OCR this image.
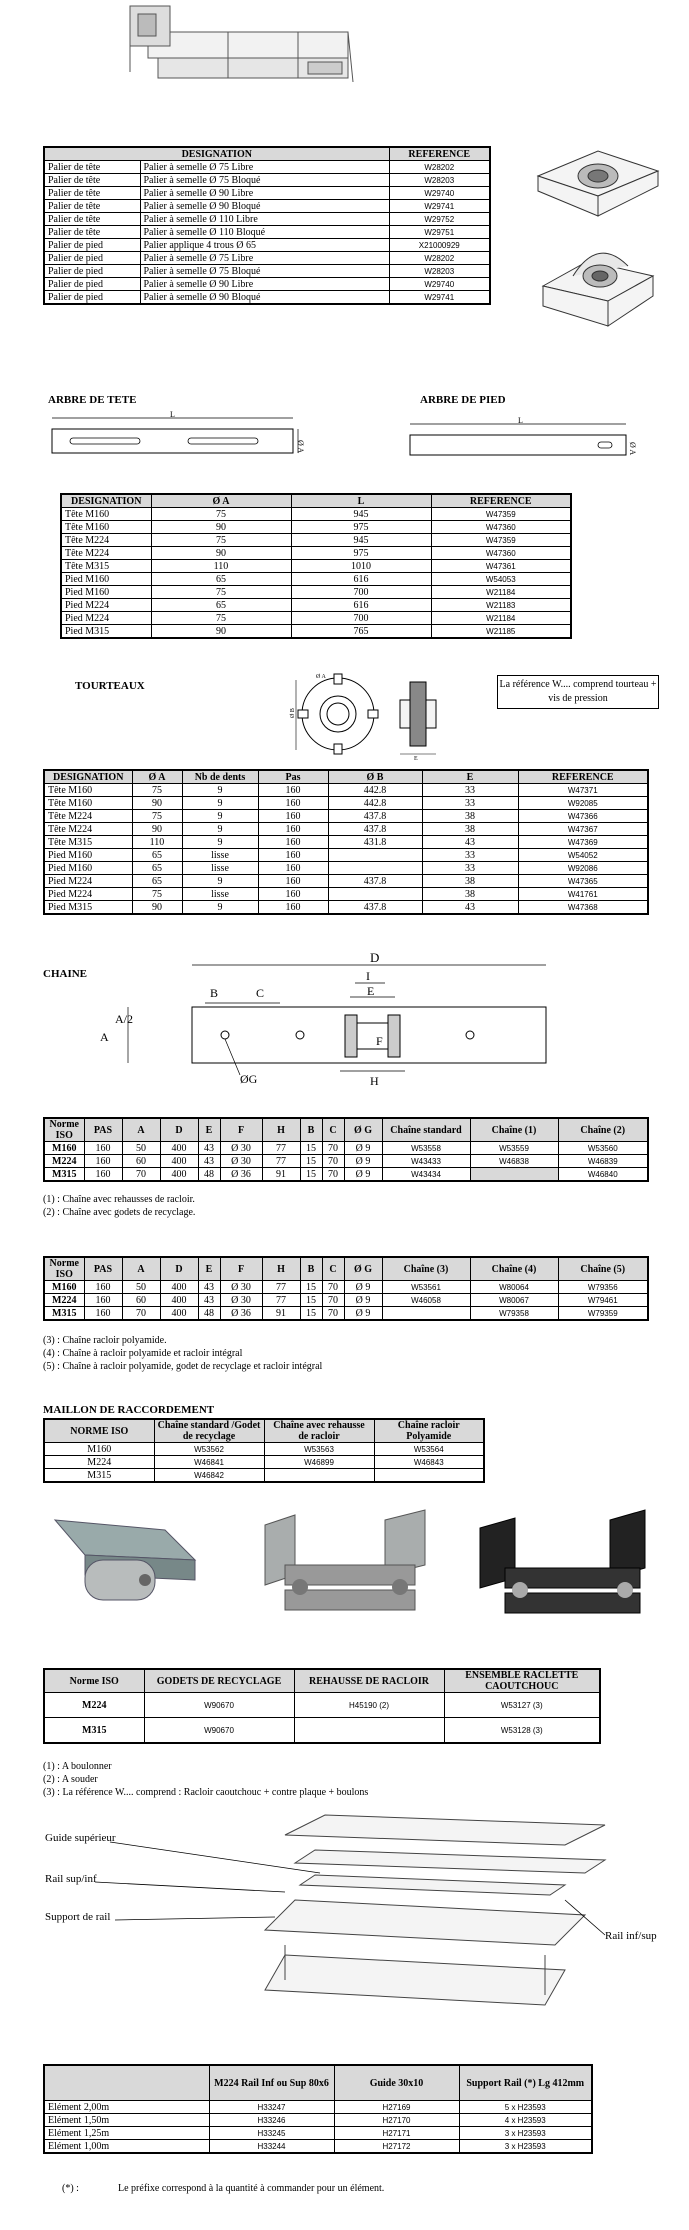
DESIGNATION		REFERENCE
Palier de tête	Palier à semelle Ø 75 Libre	W28202
Palier de tête	Palier à semelle Ø 75 Bloqué	W28203
Palier de tête	Palier à semelle Ø 90 Libre	W29740
Palier de tête	Palier à semelle Ø 90 Bloqué	W29741
Palier de tête	Palier à semelle Ø 110 Libre	W29752
Palier de tête	Palier à semelle Ø 110 Bloqué	W29751
Palier de pied	Palier applique 4 trous Ø 65	X21000929
Palier de pied	Palier à semelle Ø 75 Libre	W28202
Palier de pied	Palier à semelle Ø 75 Bloqué	W28203
Palier de pied	Palier à semelle Ø 90 Libre	W29740
Palier de pied	Palier à semelle Ø 90 Bloqué	W29741
ARBRE DE TETE	ARBRE DE PIED
L
Ø A
L
Ø A
DESIGNATION	Ø A	L	REFERENCE
Tête M160	75	945	W47359
Tête M160	90	975	W47360
Tête M224	75	945	W47359
Tête M224	90	975	W47360
Tête M315	110	1010	W47361
Pied M160	65	616	W54053
Pied M160	75	700	W21184
Pied M224	65	616	W21183
Pied M224	75	700	W21184
Pied M315	90	765	W21185
TOURTEAUX
Ø B
Ø A
E
La référence W.... comprend tourteau + vis de pression
DESIGNATION	Ø A	Nb de dents	Pas	Ø B	E	REFERENCE
Tête M160	75	9	160	442.8	33	W47371
Tête M160	90	9	160	442.8	33	W92085
Tête M224	75	9	160	437.8	38	W47366
Tête M224	90	9	160	437.8	38	W47367
Tête M315	110	9	160	431.8	43	W47369
Pied M160	65	lisse	160		33	W54052
Pied M160	65	lisse	160		33	W92086
Pied M224	65	9	160	437.8	38	W47365
Pied M224	75	lisse	160		38	W41761
Pied M315	90	9	160	437.8	43	W47368
CHAINE
D
I
E
B	C
F
A/2
A
ØG	H
Norme ISO	PAS	A	D	E	F	H	B	C	Ø G	Chaîne standard	Chaîne (1)	Chaîne (2)
M160	160	50	400	43	Ø 30	77	15	70	Ø 9	W53558	W53559	W53560
M224	160	60	400	43	Ø 30	77	15	70	Ø 9	W43433	W46838	W46839
M315	160	70	400	48	Ø 36	91	15	70	Ø 9	W43434		W46840
(1) : Chaîne avec rehausses de racloir.
(2) : Chaîne avec godets de recyclage.
Norme ISO	PAS	A	D	E	F	H	B	C	Ø G	Chaîne (3)	Chaîne (4)	Chaîne (5)
M160	160	50	400	43	Ø 30	77	15	70	Ø 9	W53561	W80064	W79356
M224	160	60	400	43	Ø 30	77	15	70	Ø 9	W46058	W80067	W79461
M315	160	70	400	48	Ø 36	91	15	70	Ø 9		W79358	W79359
(3) : Chaîne racloir polyamide.
(4) : Chaîne à racloir polyamide et racloir intégral
(5) : Chaîne à racloir polyamide, godet de recyclage et racloir intégral
MAILLON DE RACCORDEMENT
NORME ISO	Chaîne standard /Godet de recyclage	Chaîne avec rehausse de racloir	Chaîne racloir Polyamide
M160	W53562	W53563	W53564
M224	W46841	W46899	W46843
M315	W46842		
Norme ISO	GODETS DE RECYCLAGE	REHAUSSE DE RACLOIR	ENSEMBLE RACLETTE CAOUTCHOUC
M224	W90670	H45190 (2)	W53127 (3)
M315	W90670		W53128 (3)
(1) : A boulonner
(2) : A souder
(3) : La référence W.... comprend : Racloir caoutchouc + contre plaque + boulons
Guide supérieur
Rail sup/inf
Support de rail
Rail inf/sup
	M224 Rail Inf ou Sup 80x6	Guide 30x10	Support Rail (*) Lg 412mm
Elément 2,00m	H33247	H27169	5 x H23593
Elément 1,50m	H33246	H27170	4 x H23593
Elément 1,25m	H33245	H27171	3 x H23593
Elément 1,00m	H33244	H27172	3 x H23593
(*) :	Le préfixe correspond à la quantité à commander pour un élément.
